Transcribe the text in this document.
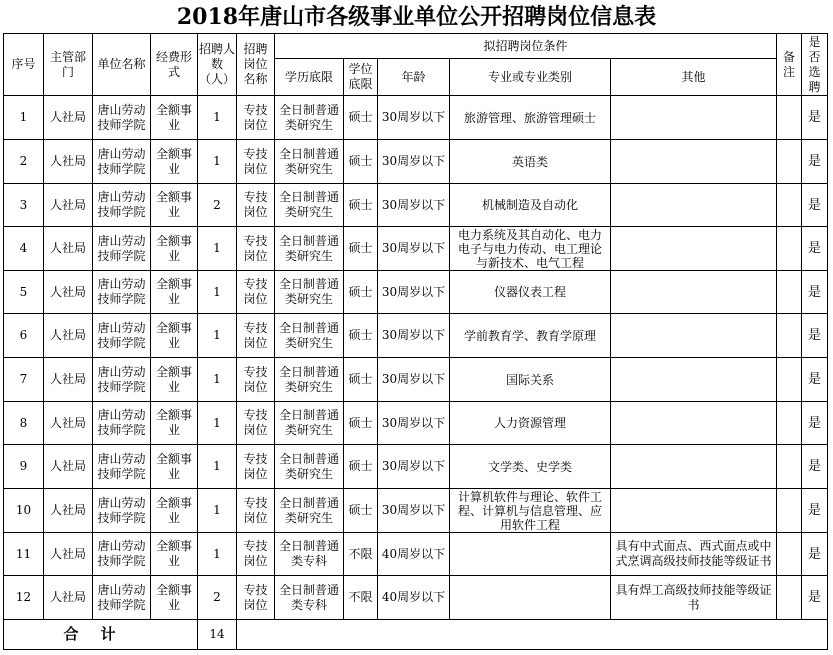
2018年唐山市各级事业单位公开招聘岗位信息表
序号	主管部门	单位名称	经费形式	招聘人数（人）	招聘岗位名称	拟招聘岗位条件					备注	是否选聘
						学历底限	学位底限	年龄	专业或专业类别	其他		
1	人社局	唐山劳动技师学院	全额事业	1	专技岗位	全日制普通类研究生	硕士	30周岁以下	旅游管理、旅游管理硕士			是
2	人社局	唐山劳动技师学院	全额事业	1	专技岗位	全日制普通类研究生	硕士	30周岁以下	英语类			是
3	人社局	唐山劳动技师学院	全额事业	2	专技岗位	全日制普通类研究生	硕士	30周岁以下	机械制造及自动化			是
4	人社局	唐山劳动技师学院	全额事业	1	专技岗位	全日制普通类研究生	硕士	30周岁以下	电力系统及其自动化、电力电子与电力传动、电工理论与新技术、电气工程			是
5	人社局	唐山劳动技师学院	全额事业	1	专技岗位	全日制普通类研究生	硕士	30周岁以下	仪器仪表工程			是
6	人社局	唐山劳动技师学院	全额事业	1	专技岗位	全日制普通类研究生	硕士	30周岁以下	学前教育学、教育学原理			是
7	人社局	唐山劳动技师学院	全额事业	1	专技岗位	全日制普通类研究生	硕士	30周岁以下	国际关系			是
8	人社局	唐山劳动技师学院	全额事业	1	专技岗位	全日制普通类研究生	硕士	30周岁以下	人力资源管理			是
9	人社局	唐山劳动技师学院	全额事业	1	专技岗位	全日制普通类研究生	硕士	30周岁以下	文学类、史学类			是
10	人社局	唐山劳动技师学院	全额事业	1	专技岗位	全日制普通类研究生	硕士	30周岁以下	计算机软件与理论、软件工程、计算机与信息管理、应用软件工程			是
11	人社局	唐山劳动技师学院	全额事业	1	专技岗位	全日制普通类专科	不限	40周岁以下		具有中式面点、西式面点或中式烹调高级技师技能等级证书		是
12	人社局	唐山劳动技师学院	全额事业	2	专技岗位	全日制普通类专科	不限	40周岁以下		具有焊工高级技师技能等级证书		是
合计				14								
